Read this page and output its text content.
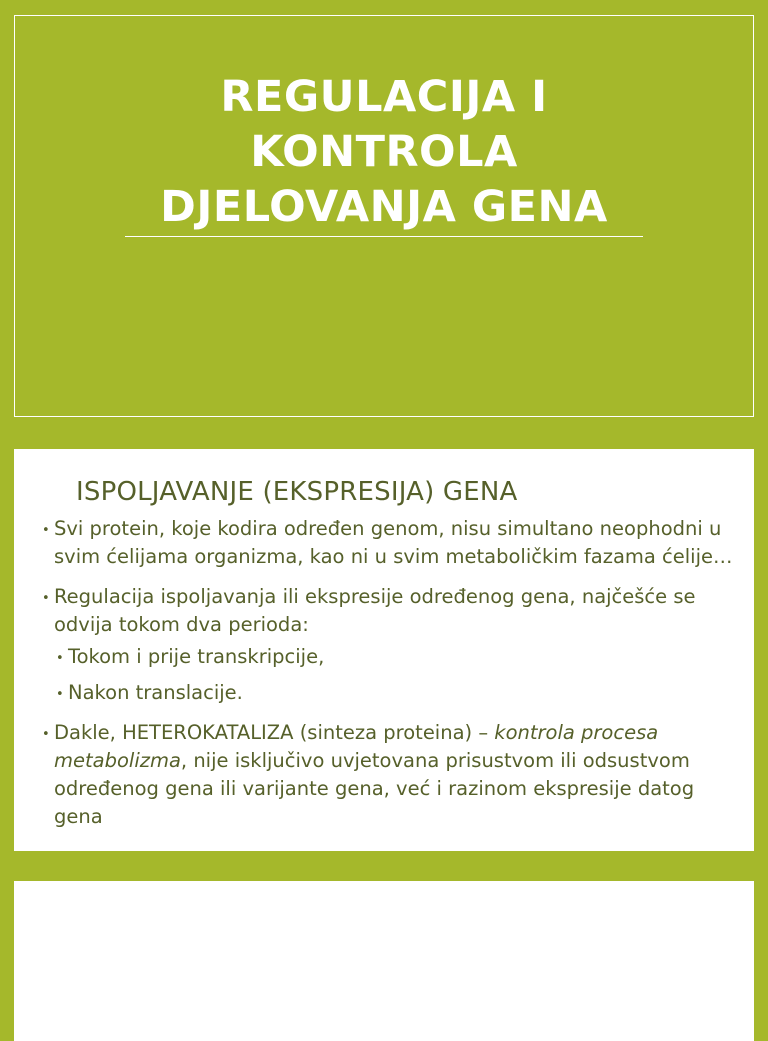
REGULACIJA I
KONTROLA
DJELOVANJA GENA
ISPOLJAVANJE (EKSPRESIJA) GENA
• Svi protein, koje kodira određen genom, nisu simultano neophodni u svim ćelijama organizma, kao ni u svim metaboličkim fazama ćelije…
• Regulacija ispoljavanja ili ekspresije određenog gena, najčešće se odvija tokom dva perioda:
• Tokom i prije transkripcije,
• Nakon translacije.
• Dakle, HETEROKATALIZA (sinteza proteina) – kontrola procesa metabolizma, nije isključivo uvjetovana prisustvom ili odsustvom određenog gena ili varijante gena, već i razinom ekspresije datog gena
